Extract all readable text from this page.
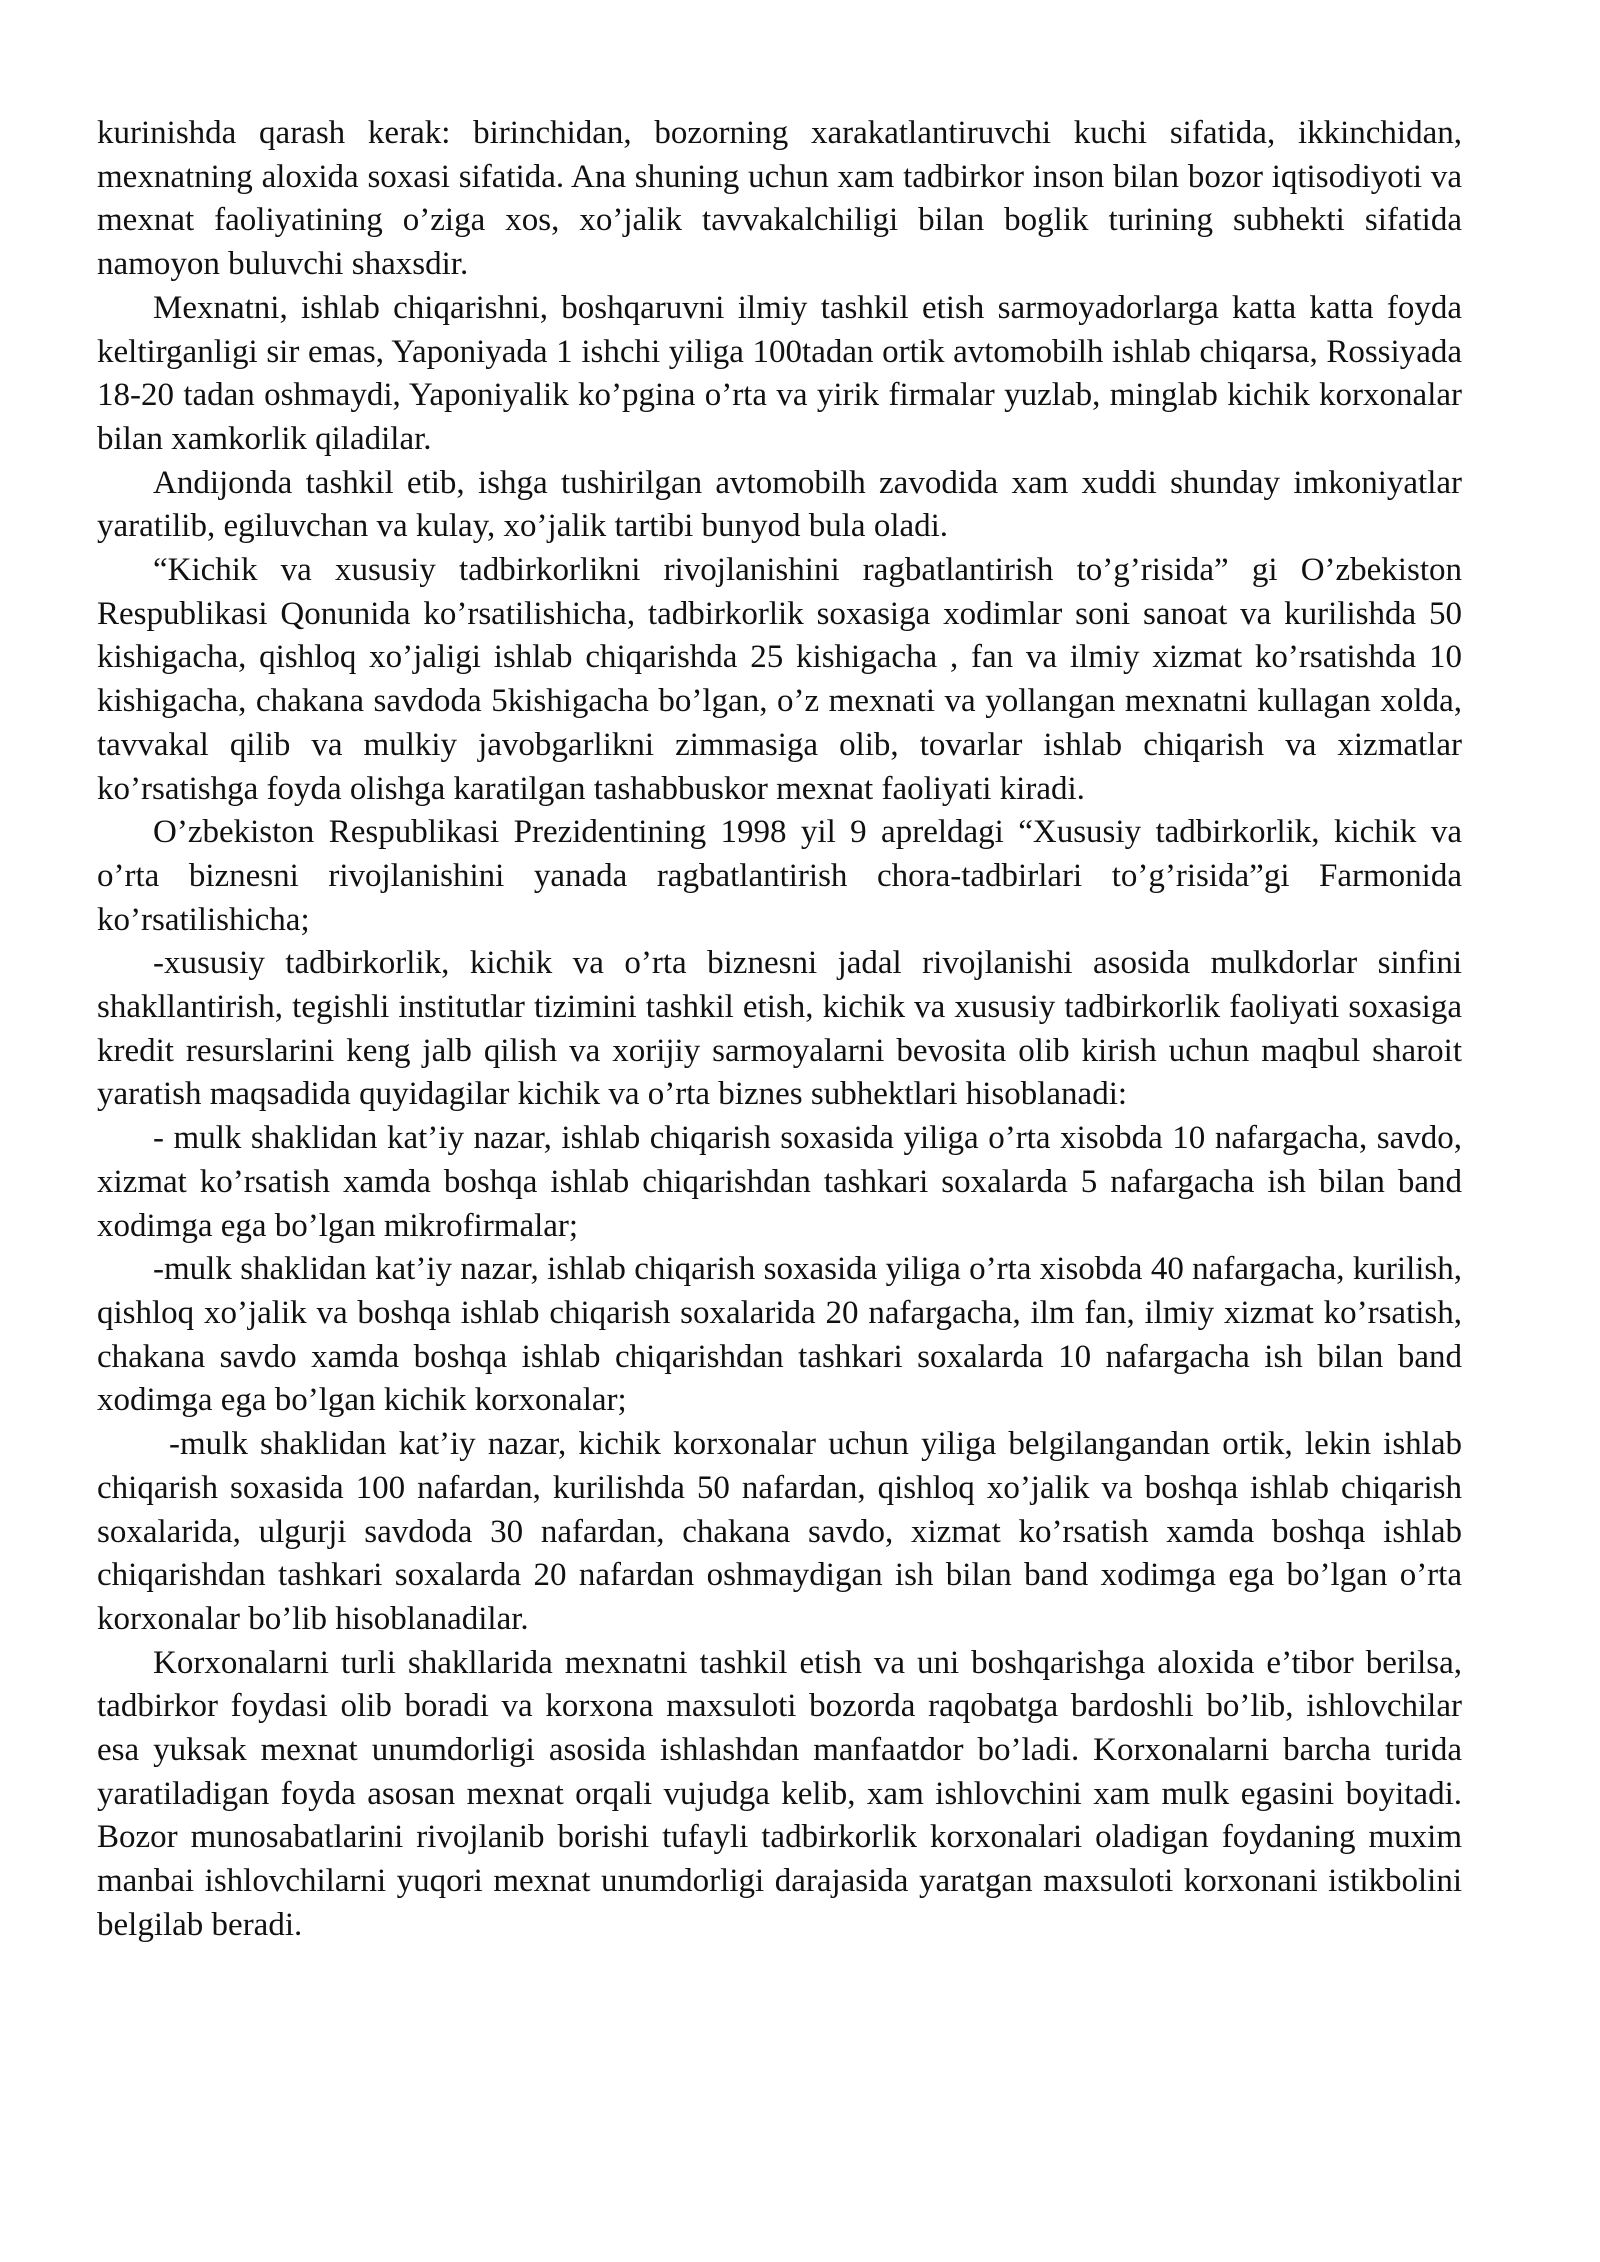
kurinishda qarash kerak: birinchidan, bozorning xarakatlantiruvchi kuchi sifatida, ikkinchidan, mexnatning aloxida soxasi sifatida. Ana shuning uchun xam tadbirkor inson bilan bozor iqtisodiyoti va mexnat faoliyatining o’ziga xos, xo’jalik tavvakalchiligi bilan boglik turining subhekti sifatida namoyon buluvchi shaxsdir.

Mexnatni, ishlab chiqarishni, boshqaruvni ilmiy tashkil etish sarmoyadorlarga katta katta foyda keltirganligi sir emas, Yaponiyada 1 ishchi yiliga 100tadan ortik avtomobilh ishlab chiqarsa, Rossiyada 18-20 tadan oshmaydi, Yaponiyalik ko’pgina o’rta va yirik firmalar yuzlab, minglab kichik korxonalar bilan xamkorlik qiladilar.

Andijonda tashkil etib, ishga tushirilgan avtomobilh zavodida xam xuddi shunday imkoniyatlar yaratilib, egiluvchan va kulay, xo’jalik tartibi bunyod bula oladi.

“Kichik va xususiy tadbirkorlikni rivojlanishini ragbatlantirish to’g’risida” gi O’zbekiston Respublikasi Qonunida ko’rsatilishicha, tadbirkorlik soxasiga xodimlar soni sanoat va kurilishda 50 kishigacha, qishloq xo’jaligi ishlab chiqarishda 25 kishigacha , fan va ilmiy xizmat ko’rsatishda 10 kishigacha, chakana savdoda 5kishigacha bo’lgan, o’z mexnati va yollangan mexnatni kullagan xolda, tavvakal qilib va mulkiy javobgarlikni zimmasiga olib, tovarlar ishlab chiqarish va xizmatlar ko’rsatishga foyda olishga karatilgan tashabbuskor mexnat faoliyati kiradi.

O’zbekiston Respublikasi Prezidentining 1998 yil 9 apreldagi “Xususiy tadbirkorlik, kichik va o’rta biznesni rivojlanishini yanada ragbatlantirish chora-tadbirlari to’g’risida”gi Farmonida ko’rsatilishicha;

-xususiy tadbirkorlik, kichik va o’rta biznesni jadal rivojlanishi asosida mulkdorlar sinfini shakllantirish, tegishli institutlar tizimini tashkil etish, kichik va xususiy tadbirkorlik faoliyati soxasiga kredit resurslarini keng jalb qilish va xorijiy sarmoyalarni bevosita olib kirish uchun maqbul sharoit yaratish maqsadida quyidagilar kichik va o’rta biznes subhektlari hisoblanadi:

- mulk shaklidan kat’iy nazar, ishlab chiqarish soxasida yiliga o’rta xisobda 10 nafargacha, savdo, xizmat ko’rsatish xamda boshqa ishlab chiqarishdan tashkari soxalarda 5 nafargacha ish bilan band xodimga ega bo’lgan mikrofirmalar;

-mulk shaklidan kat’iy nazar, ishlab chiqarish soxasida yiliga o’rta xisobda 40 nafargacha, kurilish, qishloq xo’jalik va boshqa ishlab chiqarish soxalarida 20 nafargacha, ilm fan, ilmiy xizmat ko’rsatish, chakana savdo xamda boshqa ishlab chiqarishdan tashkari soxalarda 10 nafargacha ish bilan band xodimga ega bo’lgan kichik korxonalar;

-mulk shaklidan kat’iy nazar, kichik korxonalar uchun yiliga belgilangandan ortik, lekin ishlab chiqarish soxasida 100 nafardan, kurilishda 50 nafardan, qishloq xo’jalik va boshqa ishlab chiqarish soxalarida, ulgurji savdoda 30 nafardan, chakana savdo, xizmat ko’rsatish xamda boshqa ishlab chiqarishdan tashkari soxalarda 20 nafardan oshmaydigan ish bilan band xodimga ega bo’lgan o’rta korxonalar bo’lib hisoblanadilar.

Korxonalarni turli shakllarida mexnatni tashkil etish va uni boshqarishga aloxida e’tibor berilsa, tadbirkor foydasi olib boradi va korxona maxsuloti bozorda raqobatga bardoshli bo’lib, ishlovchilar esa yuksak mexnat unumdorligi asosida ishlashdan manfaatdor bo’ladi. Korxonalarni barcha turida yaratiladigan foyda asosan mexnat orqali vujudga kelib, xam ishlovchini xam mulk egasini boyitadi. Bozor munosabatlarini rivojlanib borishi tufayli tadbirkorlik korxonalari oladigan foydaning muxim manbai ishlovchilarni yuqori mexnat unumdorligi darajasida yaratgan maxsuloti korxonani istikbolini belgilab beradi.
